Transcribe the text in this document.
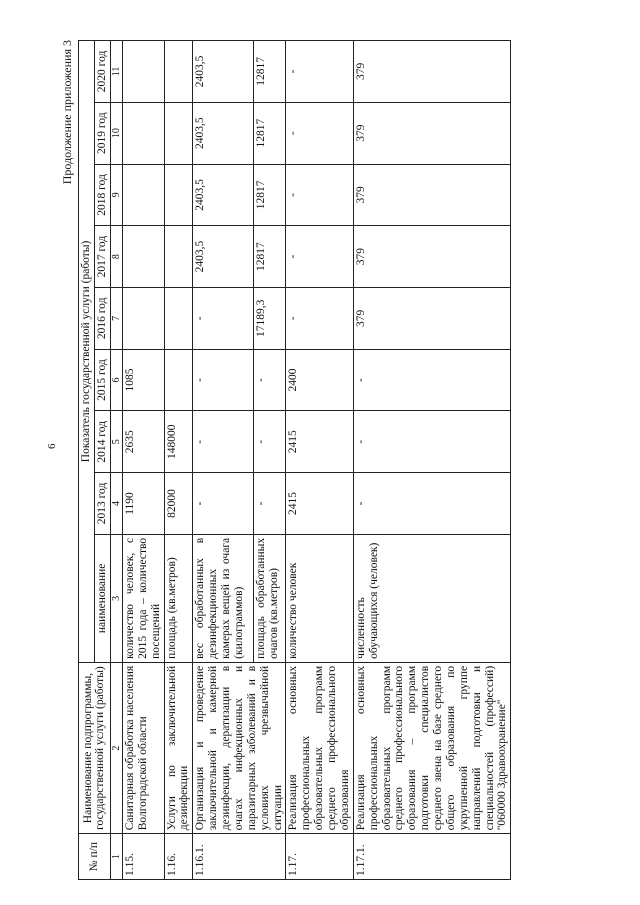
6
Продолжение приложения 3
№ п/п	Наименование подпрограммы, государственной услуги (работы)	Показатель государственной услуги (работы)								
		наименование	2013 год	2014 год	2015 год	2016 год	2017 год	2018 год	2019 год	2020 год
1	2	3	4	5	6	7	8	9	10	11
1.15.	Санитарная обработка населения Волгоградской области	количество человек, с 2015 года – количество посещений	1190	2635	1085					
1.16.	Услуги по заключительной дезинфекции	площадь (кв.метров)	82000	148000						
1.16.1.	Организация и проведение заключительной и камерной дезинфекции, дератизации в очагах инфекционных и паразитарных заболеваний и в условиях чрезвычайной ситуации	вес обработанных в дезинфекционных камерах вещей из очага (килограммов)	-	-	-	-	2403,5	2403,5	2403,5	2403,5
		площадь обработанных очагов (кв.метров)	-	-	-	17189,3	12817	12817	12817	12817
1.17.	Реализация основных профессиональных образовательных программ среднего профессионального образования	количество человек	2415	2415	2400	-	-	-	-	-
1.17.1.	Реализация основных профессиональных образовательных программ среднего профессионального образования – программ подготовки специалистов среднего звена на базе среднего общего образования по укрупненной группе направлений подготовки и специальностей (профессий) "060000 Здравоохранение"	численность обучающихся (человек)	-	-	-	379	379	379	379	379
